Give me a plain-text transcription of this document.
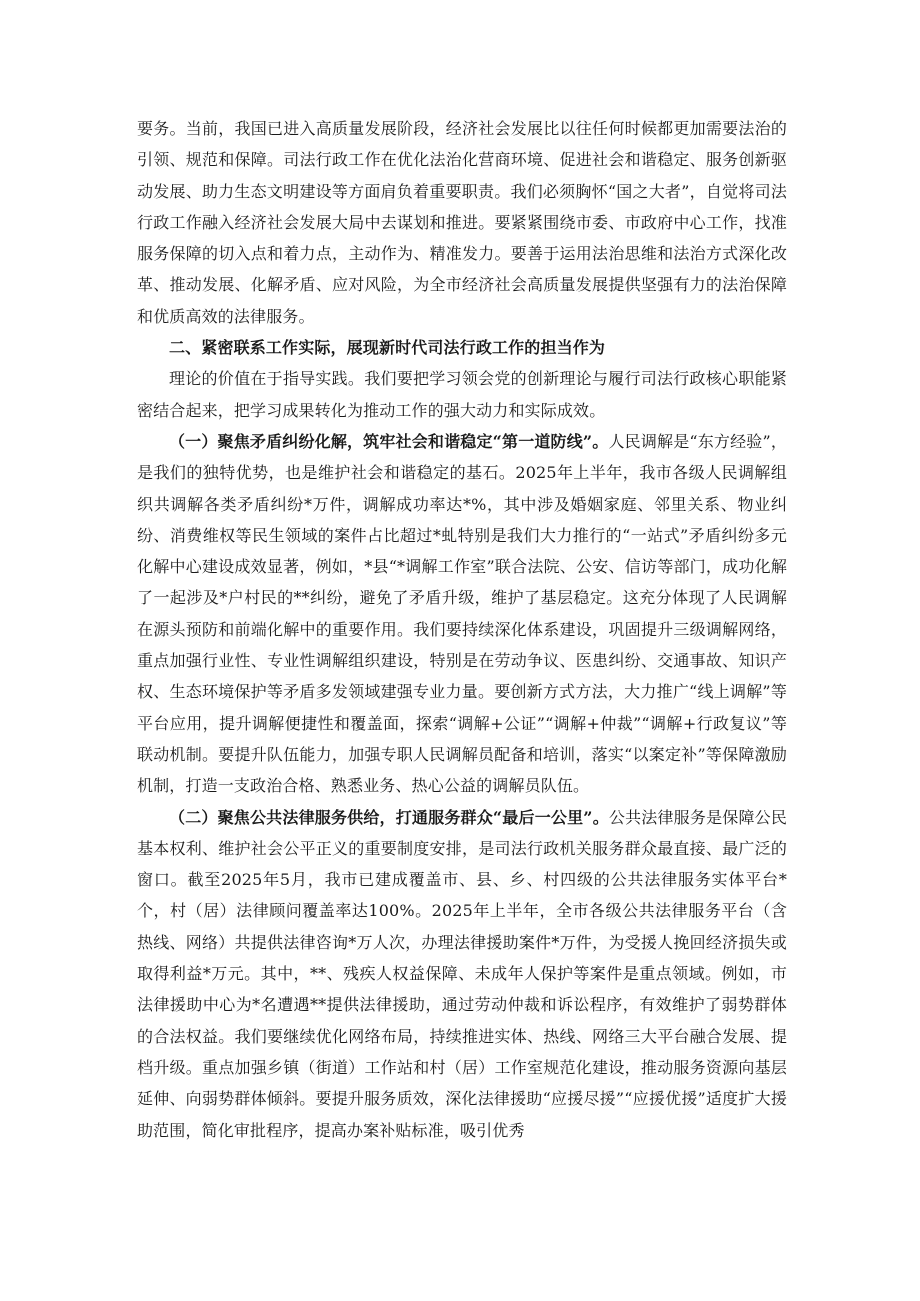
要务。当前，我国已进入高质量发展阶段，经济社会发展比以往任何时候都更加需要法治的引领、规范和保障。司法行政工作在优化法治化营商环境、促进社会和谐稳定、服务创新驱动发展、助力生态文明建设等方面肩负着重要职责。我们必须胸怀“国之大者”，自觉将司法行政工作融入经济社会发展大局中去谋划和推进。要紧紧围绕市委、市政府中心工作，找准服务保障的切入点和着力点，主动作为、精准发力。要善于运用法治思维和法治方式深化改革、推动发展、化解矛盾、应对风险，为全市经济社会高质量发展提供坚强有力的法治保障和优质高效的法律服务。

二、紧密联系工作实际，展现新时代司法行政工作的担当作为

理论的价值在于指导实践。我们要把学习领会党的创新理论与履行司法行政核心职能紧密结合起来，把学习成果转化为推动工作的强大动力和实际成效。

（一）聚焦矛盾纠纷化解，筑牢社会和谐稳定“第一道防线”。人民调解是“东方经验”，是我们的独特优势，也是维护社会和谐稳定的基石。2025年上半年，我市各级人民调解组织共调解各类矛盾纠纷*万件，调解成功率达*%，其中涉及婚姻家庭、邻里关系、物业纠纷、消费维权等民生领域的案件占比超过*虬特别是我们大力推行的“一站式”矛盾纠纷多元化解中心建设成效显著，例如，*县“*调解工作室”联合法院、公安、信访等部门，成功化解了一起涉及*户村民的**纠纷，避免了矛盾升级，维护了基层稳定。这充分体现了人民调解在源头预防和前端化解中的重要作用。我们要持续深化体系建设，巩固提升三级调解网络，重点加强行业性、专业性调解组织建设，特别是在劳动争议、医患纠纷、交通事故、知识产权、生态环境保护等矛盾多发领域建强专业力量。要创新方式方法，大力推广“线上调解”等平台应用，提升调解便捷性和覆盖面，探索“调解+公证”“调解+仲裁”“调解+行政复议”等联动机制。要提升队伍能力，加强专职人民调解员配备和培训，落实“以案定补”等保障激励机制，打造一支政治合格、熟悉业务、热心公益的调解员队伍。

（二）聚焦公共法律服务供给，打通服务群众“最后一公里”。公共法律服务是保障公民基本权利、维护社会公平正义的重要制度安排，是司法行政机关服务群众最直接、最广泛的窗口。截至2025年5月，我市已建成覆盖市、县、乡、村四级的公共法律服务实体平台*个，村（居）法律顾问覆盖率达100%。2025年上半年，全市各级公共法律服务平台（含热线、网络）共提供法律咨询*万人次，办理法律援助案件*万件，为受援人挽回经济损失或取得利益*万元。其中，**、残疾人权益保障、未成年人保护等案件是重点领域。例如，市法律援助中心为*名遭遇**提供法律援助，通过劳动仲裁和诉讼程序，有效维护了弱势群体的合法权益。我们要继续优化网络布局，持续推进实体、热线、网络三大平台融合发展、提档升级。重点加强乡镇（街道）工作站和村（居）工作室规范化建设，推动服务资源向基层延伸、向弱势群体倾斜。要提升服务质效，深化法律援助“应援尽援”“应援优援”适度扩大援助范围，简化审批程序，提高办案补贴标准，吸引优秀
